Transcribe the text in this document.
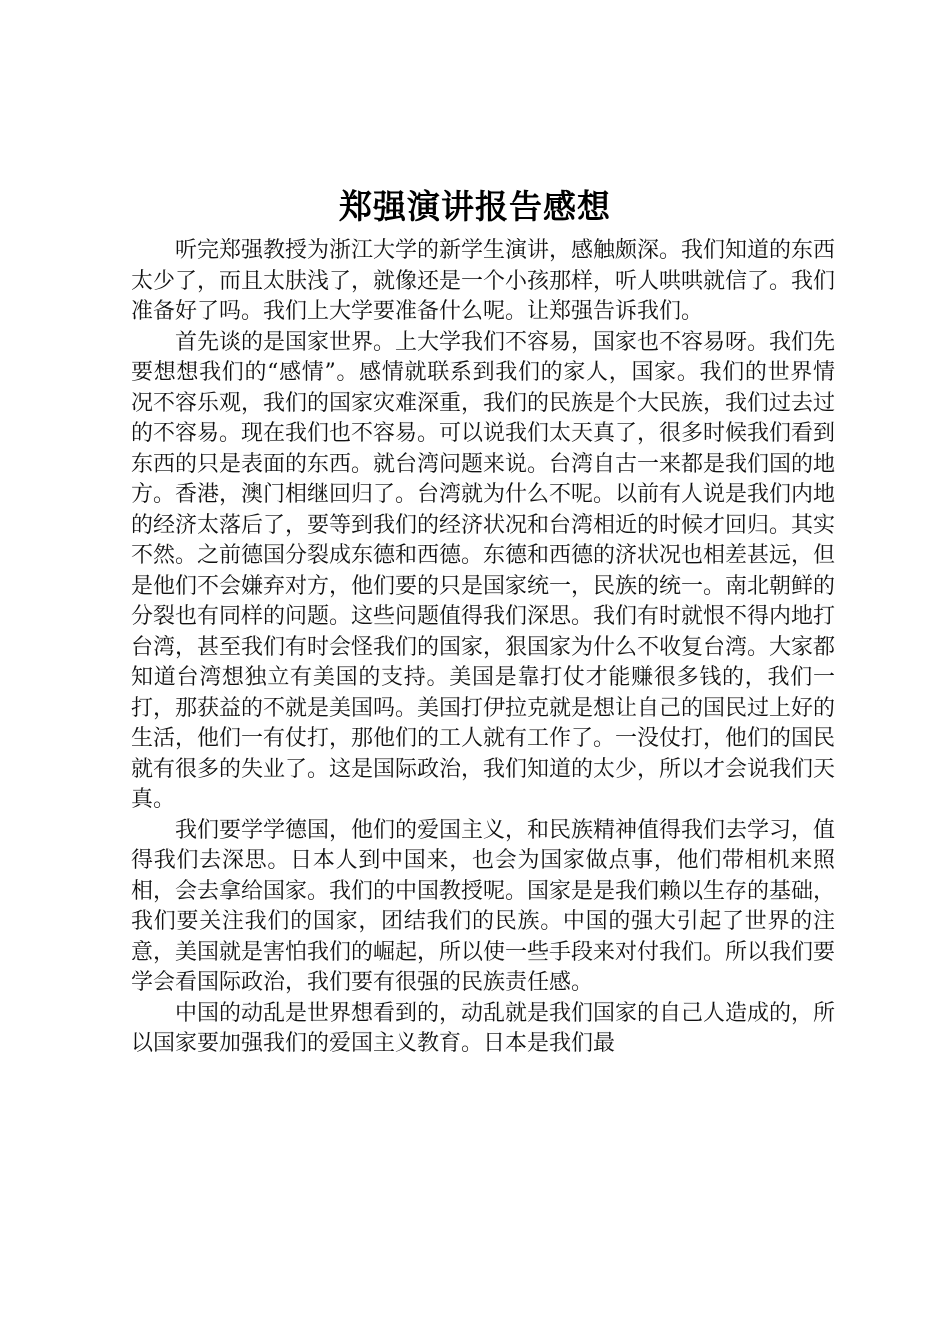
郑强演讲报告感想

听完郑强教授为浙江大学的新学生演讲，感触颇深。我们知道的东西太少了，而且太肤浅了，就像还是一个小孩那样，听人哄哄就信了。我们准备好了吗。我们上大学要准备什么呢。让郑强告诉我们。

首先谈的是国家世界。上大学我们不容易，国家也不容易呀。我们先要想想我们的“感情”。感情就联系到我们的家人，国家。我们的世界情况不容乐观，我们的国家灾难深重，我们的民族是个大民族，我们过去过的不容易。现在我们也不容易。可以说我们太天真了，很多时候我们看到东西的只是表面的东西。就台湾问题来说。台湾自古一来都是我们国的地方。香港，澳门相继回归了。台湾就为什么不呢。以前有人说是我们内地的经济太落后了，要等到我们的经济状况和台湾相近的时候才回归。其实不然。之前德国分裂成东德和西德。东德和西德的济状况也相差甚远，但是他们不会嫌弃对方，他们要的只是国家统一，民族的统一。南北朝鲜的分裂也有同样的问题。这些问题值得我们深思。我们有时就恨不得内地打台湾，甚至我们有时会怪我们的国家，狠国家为什么不收复台湾。大家都知道台湾想独立有美国的支持。美国是靠打仗才能赚很多钱的，我们一打，那获益的不就是美国吗。美国打伊拉克就是想让自己的国民过上好的生活，他们一有仗打，那他们的工人就有工作了。一没仗打，他们的国民就有很多的失业了。这是国际政治，我们知道的太少，所以才会说我们天真。

我们要学学德国，他们的爱国主义，和民族精神值得我们去学习，值得我们去深思。日本人到中国来，也会为国家做点事，他们带相机来照相，会去拿给国家。我们的中国教授呢。国家是是我们赖以生存的基础，我们要关注我们的国家，团结我们的民族。中国的强大引起了世界的注意，美国就是害怕我们的崛起，所以使一些手段来对付我们。所以我们要学会看国际政治，我们要有很强的民族责任感。

中国的动乱是世界想看到的，动乱就是我们国家的自己人造成的，所以国家要加强我们的爱国主义教育。日本是我们最
